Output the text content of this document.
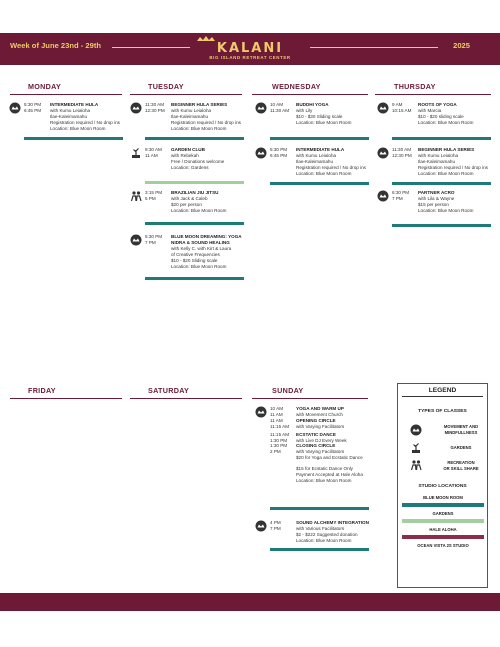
Week of June 23nd - 29th	KALANI
BIG ISLAND RETREAT CENTER
2025
MONDAY	TUESDAY	WEDNESDAY	THURSDAY
FRIDAY	SATURDAY	SUNDAY
5:30 PM
6:45 PM
INTERMEDIATE HULA
with Kumu Leialoha
Ilae-Kaleimamahu
Registration required / No drop ins
Location: Blue Moon Room
11:30 AM
12:30 PM
BEGINNER HULA SERIES
with Kumu Leialoha
Ilae-Kaleimamahu
Registration required / No drop ins
Location: Blue Moon Room
9:30 AM
11 AM
GARDEN CLUB
with Rebekah
Free / Donations welcome
Location: Gardens
3:15 PM
5 PM
BRAZILIAN JIU JITSU
with Jack & Caleb
$20 per person
Location: Blue Moon Room
5:30 PM
7 PM
BLUE MOON DREAMING: YOGA
NIDRA & SOUND HEALING
with Kelly C. with Kirt & Laura
of Creative Frequencies
$10 - $20 Sliding scale
Location: Blue Moon Room
10 AM
11:30 AM
BUDDHI YOGA
with Lily
$10 - $30 Sliding scale
Location: Blue Moon Room
5:30 PM
6:45 PM
INTERMEDIATE HULA
with Kumu Leialoha
Ilae-Kaleimamahu
Registration required / No drop ins
Location: Blue Moon Room
9 AM
10:15 AM
ROOTS OF YOGA
with Marcia
$10 - $20 sliding scale
Location: Blue Moon Room
11:30 AM
12:30 PM
BEGINNER HULA SERIES
with Kumu Leialoha
Ilae-Kaleimamahu
Registration required / No drop ins
Location: Blue Moon Room
6:30 PM
7 PM
PARTNER ACRO
with Lila & Wayne
$15 per person
Location: Blue Moon Room
10 AM
11 AM
11 AM
11:15 AM
11:15 AM
1:30 PM
1:30 PM
2 PM
YOGA AND WARM UP
with Movement Church
OPENING CIRCLE
with Varying Facilitators
ECSTATIC DANCE
with Live DJ Every Week
CLOSING CIRCLE
with Varying Facilitators
$20 for Yoga and Ecstatic Dance
$15 for Ecstatic Dance Only
Payment Accepted at Hale Aloha
Location: Blue Moon Room
4 PM
7 PM
SOUND ALCHEMY INTEGRATION
with Various Facilitators
$2 - $222 Suggested donation
Location: Blue Moon Room
LEGEND
TYPES OF CLASSES
MOVEMENT AND
MINDFULLNESS
GARDENS
RECREATION
OR SKILL SHARE
STUDIO LOCATIONS
BLUE MOON ROOM
GARDENS
HALE ALOHA
OCEAN VISTA 2S STUDIO
